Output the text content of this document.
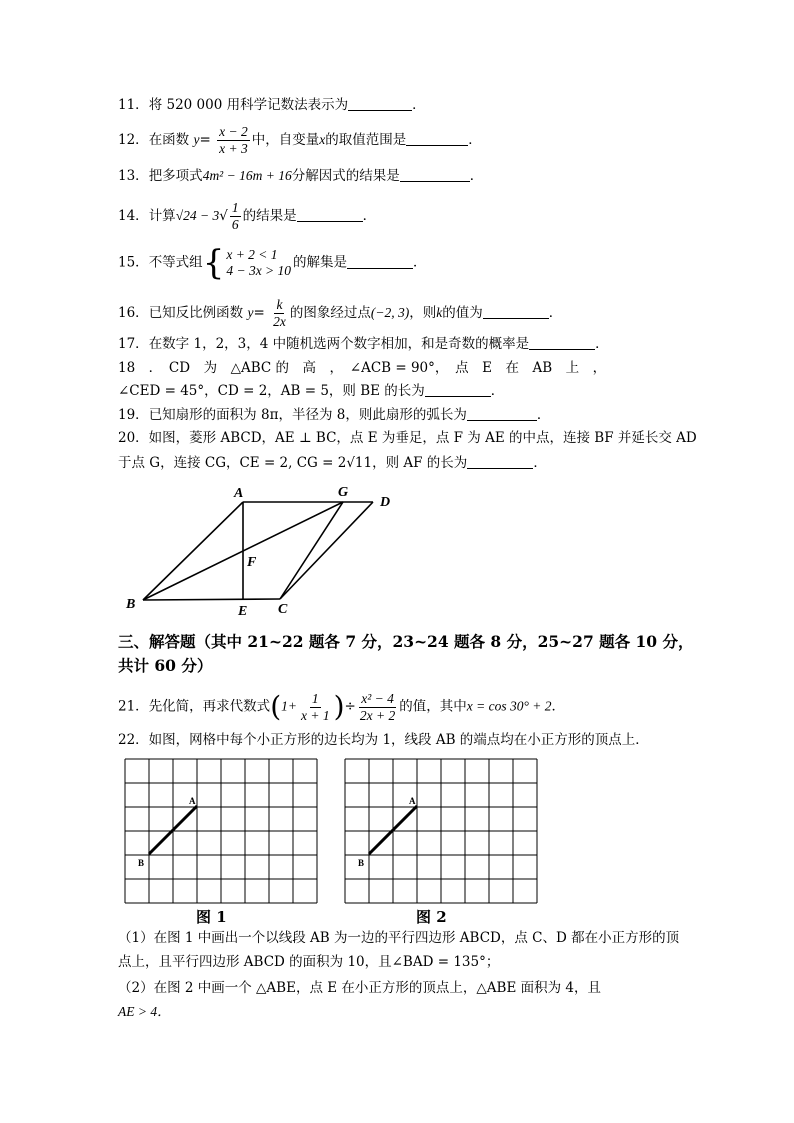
11．将 520 000 用科学记数法表示为	．
12．在函数 $y= \frac{x - 2}{x + 3}$ 中，自变量x的取值范围是	．
13．把多项式4m² − 16m + 16分解因式的结果是	．
14．计算$√24 - 3√ \frac{1}{6}$ 的结果是	．
15．不等式组{ x + 2 < 1
4 − 3x > 10 的解集是	．
16．已知反比例函数 $y= \frac{k}{2x}$ 的图象经过点(−2, 3)，则k的值为	．
17．在数字 1，2，3，4 中随机选两个数字相加，和是奇数的概率是	．
18　．　CD　为　△ABC 的　高　，　∠ACB = 90°，　点　E　在　AB　上　，
∠CED = 45°，CD = 2，AB = 5，则 BE 的长为	．
19．已知扇形的面积为 8π，半径为 8，则此扇形的弧长为	．
20．如图，菱形 ABCD，AE ⊥ BC，点 E 为垂足，点 F 为 AE 的中点，连接 BF 并延长交 AD
于点 G，连接 CG，CE = 2, CG = 2√11，则 AF 的长为	．
A
B	C
D
E
F
G
三、解答题（其中 21~22 题各 7 分，23~24 题各 8 分，25~27 题各 10 分，共计 60 分）
21．先化简，再求代数式($1+ \frac{1}{x + 1}$ )÷ $\frac{\text{x² − 4}}{2x + 2}$ 的值，其中x = cos 30° + 2．
22．如图，网格中每个小正方形的边长均为 1，线段 AB 的端点均在小正方形的顶点上．
A
B
图 1
A
B
图 2
（1）在图 1 中画出一个以线段 AB 为一边的平行四边形 ABCD，点 C、D 都在小正方形的顶
点上，且平行四边形 ABCD 的面积为 10，且∠BAD = 135°；
（2）在图 2 中画一个 △ABE，点 E 在小正方形的顶点上，△ABE 面积为 4，且
AE > 4．
